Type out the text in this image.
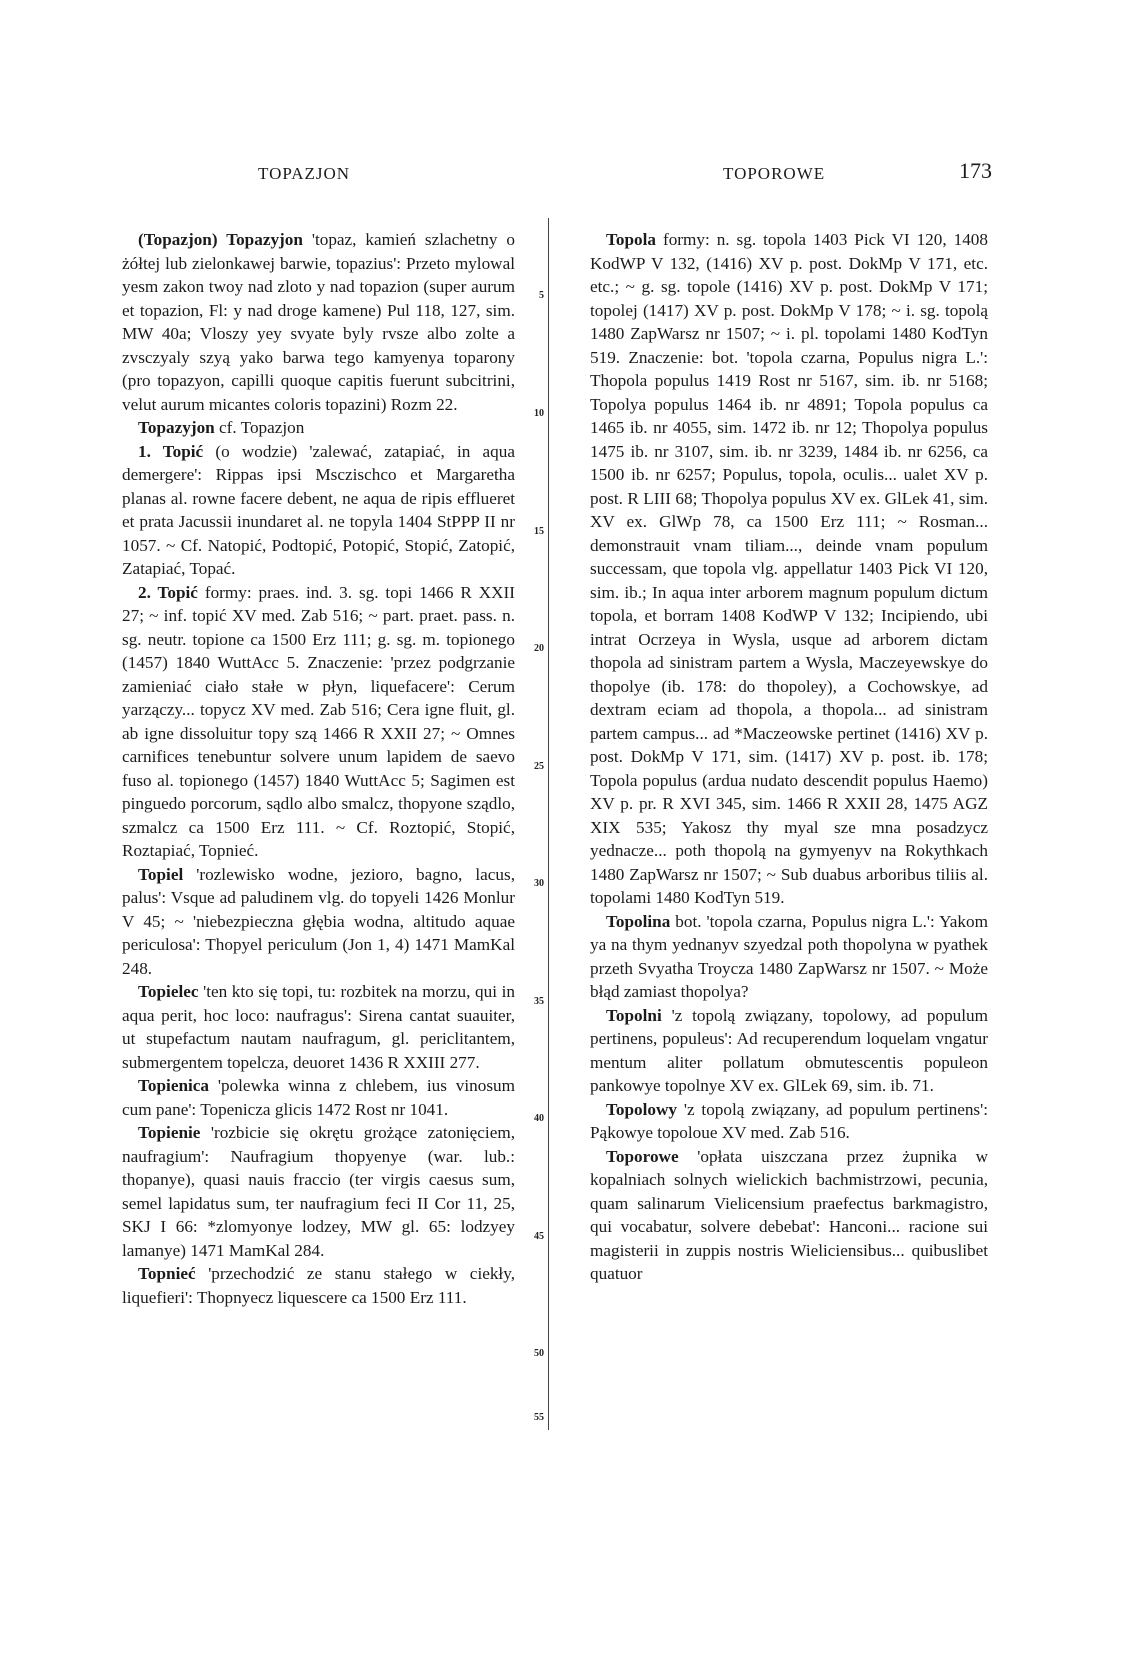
TOPAZJON	TOPOROWE	173
5
10
15
20
25
30
35
40
45
50
55

(Topazjon) Topazyjon 'topaz, kamień szlachetny o żółtej lub zielonkawej barwie, topazius': Przeto mylowal yesm zakon twoy nad zloto y nad topazion (super aurum et topazion, Fl: y nad droge kamene) Pul 118, 127, sim. MW 40a; Vloszy yey svyate byly rvsze albo zolte a zvsczyaly szyą yako barwa tego kamyenya toparony (pro topazyon, capilli quoque capitis fuerunt subcitrini, velut aurum micantes coloris topazini) Rozm 22.

Topazyjon cf. Topazjon

1. Topić (o wodzie) 'zalewać, zatapiać, in aqua demergere': Rippas ipsi Msczischco et Margaretha planas al. rowne facere debent, ne aqua de ripis efflueret et prata Jacussii inundaret al. ne topyla 1404 StPPP II nr 1057. ~ Cf. Natopić, Podtopić, Potopić, Stopić, Zatopić, Zatapiać, Topać.

2. Topić formy: praes. ind. 3. sg. topi 1466 R XXII 27; ~ inf. topić XV med. Zab 516; ~ part. praet. pass. n. sg. neutr. topione ca 1500 Erz 111; g. sg. m. topionego (1457) 1840 WuttAcc 5. Znaczenie: 'przez podgrzanie zamieniać ciało stałe w płyn, liquefacere': Cerum yarzączy... topycz XV med. Zab 516; Cera igne fluit, gl. ab igne dissoluitur topy szą 1466 R XXII 27; ~ Omnes carnifices tenebuntur solvere unum lapidem de saevo fuso al. topionego (1457) 1840 WuttAcc 5; Sagimen est pinguedo porcorum, sądlo albo smalcz, thopyone sządlo, szmalcz ca 1500 Erz 111. ~ Cf. Roztopić, Stopić, Roztapiać, Topnieć.

Topiel 'rozlewisko wodne, jezioro, bagno, lacus, palus': Vsque ad paludinem vlg. do topyeli 1426 Monlur V 45; ~ 'niebezpieczna głębia wodna, altitudo aquae periculosa': Thopyel periculum (Jon 1, 4) 1471 MamKal 248.

Topielec 'ten kto się topi, tu: rozbitek na morzu, qui in aqua perit, hoc loco: naufragus': Sirena cantat suauiter, ut stupefactum nautam naufragum, gl. periclitantem, submergentem topelcza, deuoret 1436 R XXIII 277.

Topienica 'polewka winna z chlebem, ius vinosum cum pane': Topenicza glicis 1472 Rost nr 1041.

Topienie 'rozbicie się okrętu grożące zatonięciem, naufragium': Naufragium thopyenye (war. lub.: thopanye), quasi nauis fraccio (ter virgis caesus sum, semel lapidatus sum, ter naufragium feci II Cor 11, 25, SKJ I 66: *zlomyonye lodzey, MW gl. 65: lodzyey lamanye) 1471 MamKal 284.

Topnieć 'przechodzić ze stanu stałego w ciekły, liquefieri': Thopnyecz liquescere ca 1500 Erz 111.

Topola formy: n. sg. topola 1403 Pick VI 120, 1408 KodWP V 132, (1416) XV p. post. DokMp V 171, etc. etc.; ~ g. sg. topole (1416) XV p. post. DokMp V 171; topolej (1417) XV p. post. DokMp V 178; ~ i. sg. topolą 1480 ZapWarsz nr 1507; ~ i. pl. topolami 1480 KodTyn 519. Znaczenie: bot. 'topola czarna, Populus nigra L.': Thopola populus 1419 Rost nr 5167, sim. ib. nr 5168; Topolya populus 1464 ib. nr 4891; Topola populus ca 1465 ib. nr 4055, sim. 1472 ib. nr 12; Thopolya populus 1475 ib. nr 3107, sim. ib. nr 3239, 1484 ib. nr 6256, ca 1500 ib. nr 6257; Populus, topola, oculis... ualet XV p. post. R LIII 68; Thopolya populus XV ex. GlLek 41, sim. XV ex. GlWp 78, ca 1500 Erz 111; ~ Rosman... demonstrauit vnam tiliam..., deinde vnam populum successam, que topola vlg. appellatur 1403 Pick VI 120, sim. ib.; In aqua inter arborem magnum populum dictum topola, et borram 1408 KodWP V 132; Incipiendo, ubi intrat Ocrzeya in Wysla, usque ad arborem dictam thopola ad sinistram partem a Wysla, Maczeyewskye do thopolye (ib. 178: do thopoley), a Cochowskye, ad dextram eciam ad thopola, a thopola... ad sinistram partem campus... ad *Maczeowske pertinet (1416) XV p. post. DokMp V 171, sim. (1417) XV p. post. ib. 178; Topola populus (ardua nudato descendit populus Haemo) XV p. pr. R XVI 345, sim. 1466 R XXII 28, 1475 AGZ XIX 535; Yakosz thy myal sze mna posadzycz yednacze... poth thopolą na gymyenyv na Rokythkach 1480 ZapWarsz nr 1507; ~ Sub duabus arboribus tiliis al. topolami 1480 KodTyn 519.

Topolina bot. 'topola czarna, Populus nigra L.': Yakom ya na thym yednanyv szyedzal poth thopolyna w pyathek przeth Svyatha Troycza 1480 ZapWarsz nr 1507. ~ Może błąd zamiast thopolya?

Topolni 'z topolą związany, topolowy, ad populum pertinens, populeus': Ad recuperendum loquelam vngatur mentum aliter pollatum obmutescentis populeon pankowye topolnye XV ex. GlLek 69, sim. ib. 71.

Topolowy 'z topolą związany, ad populum pertinens': Pąkowye topoloue XV med. Zab 516.

Toporowe 'opłata uiszczana przez żupnika w kopalniach solnych wielickich bachmistrzowi, pecunia, quam salinarum Vielicensium praefectus barkmagistro, qui vocabatur, solvere debebat': Hanconi... racione sui magisterii in zuppis nostris Wieliciensibus... quibuslibet quatuor
